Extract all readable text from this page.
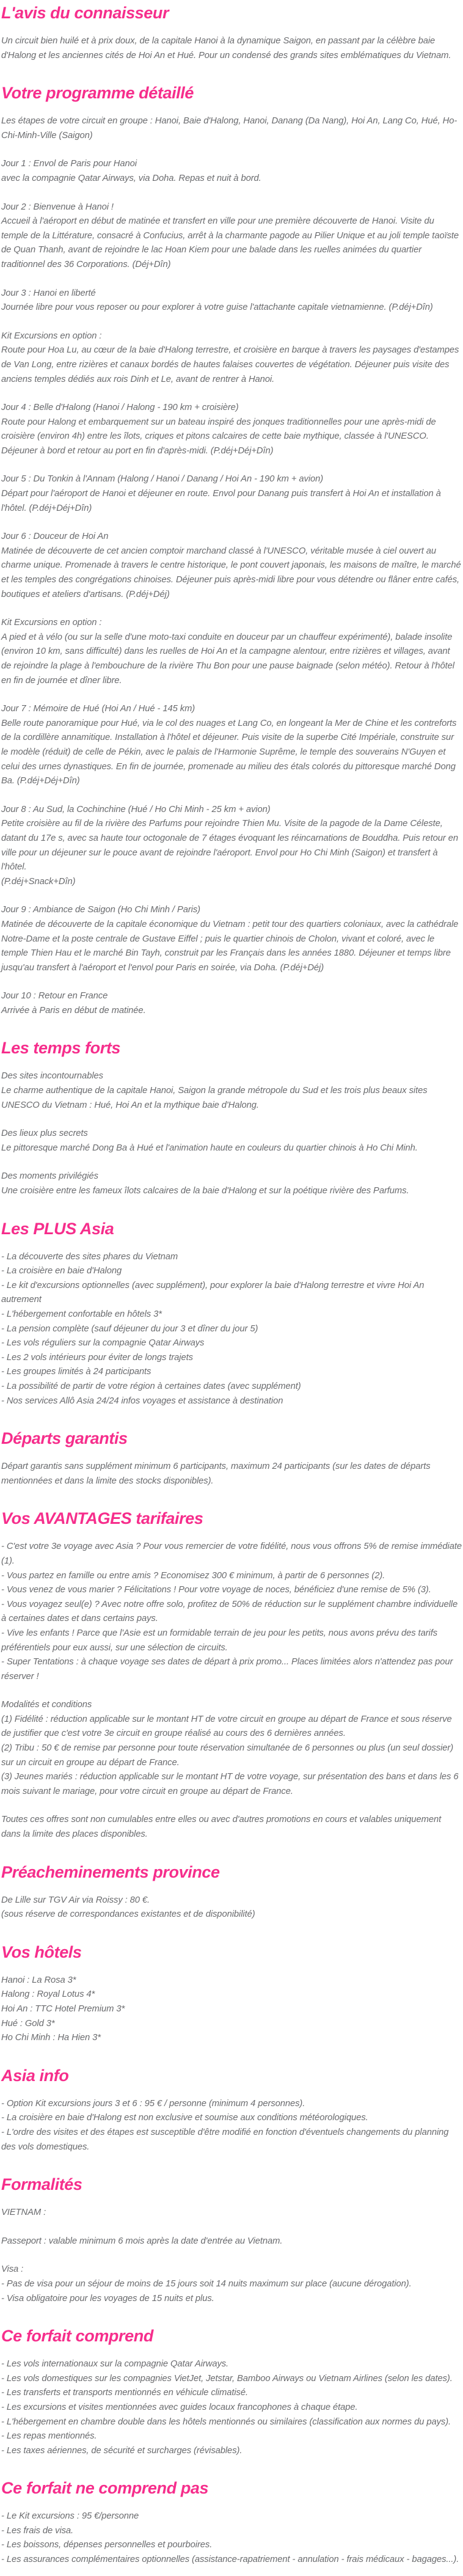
L'avis du connaisseur

Un circuit bien huilé et à prix doux, de la capitale Hanoi à la dynamique Saigon, en passant par la célèbre baie d'Halong et les anciennes cités de Hoi An et Hué. Pour un condensé des grands sites emblématiques du Vietnam.

Votre programme détaillé

Les étapes de votre circuit en groupe : Hanoi, Baie d'Halong, Hanoi, Danang (Da Nang), Hoi An, Lang Co, Hué, Ho-Chi-Minh-Ville (Saigon)

Jour 1 : Envol de Paris pour Hanoi
avec la compagnie Qatar Airways, via Doha. Repas et nuit à bord.

Jour 2 : Bienvenue à Hanoi !
Accueil à l'aéroport en début de matinée et transfert en ville pour une première découverte de Hanoi. Visite du temple de la Littérature, consacré à Confucius, arrêt à la charmante pagode au Pilier Unique et au joli temple taoïste de Quan Thanh, avant de rejoindre le lac Hoan Kiem pour une balade dans les ruelles animées du quartier traditionnel des 36 Corporations. (Déj+Dîn)

Jour 3 : Hanoi en liberté
Journée libre pour vous reposer ou pour explorer à votre guise l'attachante capitale vietnamienne. (P.déj+Dîn)

Kit Excursions en option :
Route pour Hoa Lu, au cœur de la baie d'Halong terrestre, et croisière en barque à travers les paysages d'estampes de Van Long, entre rizières et canaux bordés de hautes falaises couvertes de végétation. Déjeuner puis visite des anciens temples dédiés aux rois Dinh et Le, avant de rentrer à Hanoi.

Jour 4 : Belle d'Halong (Hanoi / Halong - 190 km + croisière)
Route pour Halong et embarquement sur un bateau inspiré des jonques traditionnelles pour une après-midi de croisière (environ 4h) entre les îlots, criques et pitons calcaires de cette baie mythique, classée à l'UNESCO. Déjeuner à bord et retour au port en fin d'après-midi. (P.déj+Déj+Dîn)

Jour 5 : Du Tonkin à l'Annam (Halong / Hanoi / Danang / Hoi An - 190 km + avion)
Départ pour l'aéroport de Hanoi et déjeuner en route. Envol pour Danang puis transfert à Hoi An et installation à l'hôtel. (P.déj+Déj+Dîn)

Jour 6 : Douceur de Hoi An
Matinée de découverte de cet ancien comptoir marchand classé à l'UNESCO, véritable musée à ciel ouvert au charme unique. Promenade à travers le centre historique, le pont couvert japonais, les maisons de maître, le marché et les temples des congrégations chinoises. Déjeuner puis après-midi libre pour vous détendre ou flâner entre cafés, boutiques et ateliers d'artisans. (P.déj+Déj)

Kit Excursions en option :
A pied et à vélo (ou sur la selle d'une moto-taxi conduite en douceur par un chauffeur expérimenté), balade insolite (environ 10 km, sans difficulté) dans les ruelles de Hoi An et la campagne alentour, entre rizières et villages, avant de rejoindre la plage à l'embouchure de la rivière Thu Bon pour une pause baignade (selon météo). Retour à l'hôtel en fin de journée et dîner libre.

Jour 7 : Mémoire de Hué (Hoi An / Hué - 145 km)
Belle route panoramique pour Hué, via le col des nuages et Lang Co, en longeant la Mer de Chine et les contreforts de la cordillère annamitique. Installation à l'hôtel et déjeuner. Puis visite de la superbe Cité Impériale, construite sur le modèle (réduit) de celle de Pékin, avec le palais de l'Harmonie Suprême, le temple des souverains N'Guyen et celui des urnes dynastiques. En fin de journée, promenade au milieu des étals colorés du pittoresque marché Dong Ba. (P.déj+Déj+Dîn)

Jour 8 : Au Sud, la Cochinchine (Hué / Ho Chi Minh - 25 km + avion)
Petite croisière au fil de la rivière des Parfums pour rejoindre Thien Mu. Visite de la pagode de la Dame Céleste, datant du 17e s, avec sa haute tour octogonale de 7 étages évoquant les réincarnations de Bouddha. Puis retour en ville pour un déjeuner sur le pouce avant de rejoindre l'aéroport. Envol pour Ho Chi Minh (Saigon) et transfert à l'hôtel.
(P.déj+Snack+Dîn)

Jour 9 : Ambiance de Saigon (Ho Chi Minh / Paris)
Matinée de découverte de la capitale économique du Vietnam : petit tour des quartiers coloniaux, avec la cathédrale Notre-Dame et la poste centrale de Gustave Eiffel ; puis le quartier chinois de Cholon, vivant et coloré, avec le temple Thien Hau et le marché Bin Tayh, construit par les Français dans les années 1880. Déjeuner et temps libre jusqu'au transfert à l'aéroport et l'envol pour Paris en soirée, via Doha. (P.déj+Déj)

Jour 10 : Retour en France
Arrivée à Paris en début de matinée.

Les temps forts

Des sites incontournables
Le charme authentique de la capitale Hanoi, Saigon la grande métropole du Sud et les trois plus beaux sites UNESCO du Vietnam : Hué, Hoi An et la mythique baie d'Halong.

Des lieux plus secrets
Le pittoresque marché Dong Ba à Hué et l'animation haute en couleurs du quartier chinois à Ho Chi Minh.

Des moments privilégiés
Une croisière entre les fameux îlots calcaires de la baie d'Halong et sur la poétique rivière des Parfums.

Les PLUS Asia

- La découverte des sites phares du Vietnam
- La croisière en baie d'Halong
- Le kit d'excursions optionnelles (avec supplément), pour explorer la baie d'Halong terrestre et vivre Hoi An autrement
- L'hébergement confortable en hôtels 3*
- La pension complète (sauf déjeuner du jour 3 et dîner du jour 5)
- Les vols réguliers sur la compagnie Qatar Airways
- Les 2 vols intérieurs pour éviter de longs trajets
- Les groupes limités à 24 participants
- La possibilité de partir de votre région à certaines dates (avec supplément)
- Nos services Allô Asia 24/24 infos voyages et assistance à destination

Départs garantis

Départ garantis sans supplément minimum 6 participants, maximum 24 participants (sur les dates de départs mentionnées et dans la limite des stocks disponibles).

Vos AVANTAGES tarifaires

- C'est votre 3e voyage avec Asia ? Pour vous remercier de votre fidélité, nous vous offrons 5% de remise immédiate (1).
- Vous partez en famille ou entre amis ? Economisez 300 € minimum, à partir de 6 personnes (2).
- Vous venez de vous marier ? Félicitations ! Pour votre voyage de noces, bénéficiez d'une remise de 5% (3).
- Vous voyagez seul(e) ? Avec notre offre solo, profitez de 50% de réduction sur le supplément chambre individuelle à certaines dates et dans certains pays.
- Vive les enfants ! Parce que l'Asie est un formidable terrain de jeu pour les petits, nous avons prévu des tarifs préférentiels pour eux aussi, sur une sélection de circuits.
- Super Tentations : à chaque voyage ses dates de départ à prix promo... Places limitées alors n'attendez pas pour réserver !

Modalités et conditions
(1) Fidélité : réduction applicable sur le montant HT de votre circuit en groupe au départ de France et sous réserve de justifier que c'est votre 3e circuit en groupe réalisé au cours des 6 dernières années.
(2) Tribu : 50 € de remise par personne pour toute réservation simultanée de 6 personnes ou plus (un seul dossier) sur un circuit en groupe au départ de France.
(3) Jeunes mariés : réduction applicable sur le montant HT de votre voyage, sur présentation des bans et dans les 6 mois suivant le mariage, pour votre circuit en groupe au départ de France.

Toutes ces offres sont non cumulables entre elles ou avec d'autres promotions en cours et valables uniquement dans la limite des places disponibles.

Préacheminements province

De Lille sur TGV Air via Roissy : 80 €.
(sous réserve de correspondances existantes et de disponibilité)

Vos hôtels

Hanoi : La Rosa 3*
Halong : Royal Lotus 4*
Hoi An : TTC Hotel Premium 3*
Hué : Gold 3*
Ho Chi Minh : Ha Hien 3*

Asia info

- Option Kit excursions jours 3 et 6 : 95 € / personne (minimum 4 personnes).
- La croisière en baie d'Halong est non exclusive et soumise aux conditions météorologiques.
- L'ordre des visites et des étapes est susceptible d'être modifié en fonction d'éventuels changements du planning des vols domestiques.

Formalités

VIETNAM :

Passeport : valable minimum 6 mois après la date d'entrée au Vietnam.

Visa :
- Pas de visa pour un séjour de moins de 15 jours soit 14 nuits maximum sur place (aucune dérogation).
- Visa obligatoire pour les voyages de 15 nuits et plus.

Ce forfait comprend

- Les vols internationaux sur la compagnie Qatar Airways.
- Les vols domestiques sur les compagnies VietJet, Jetstar, Bamboo Airways ou Vietnam Airlines (selon les dates).
- Les transferts et transports mentionnés en véhicule climatisé.
- Les excursions et visites mentionnées avec guides locaux francophones à chaque étape.
- L'hébergement en chambre double dans les hôtels mentionnés ou similaires (classification aux normes du pays).
- Les repas mentionnés.
- Les taxes aériennes, de sécurité et surcharges (révisables).

Ce forfait ne comprend pas

- Le Kit excursions : 95 €/personne
- Les frais de visa.
- Les boissons, dépenses personnelles et pourboires.
- Les assurances complémentaires optionnelles (assistance-rapatriement - annulation - frais médicaux - bagages...).
